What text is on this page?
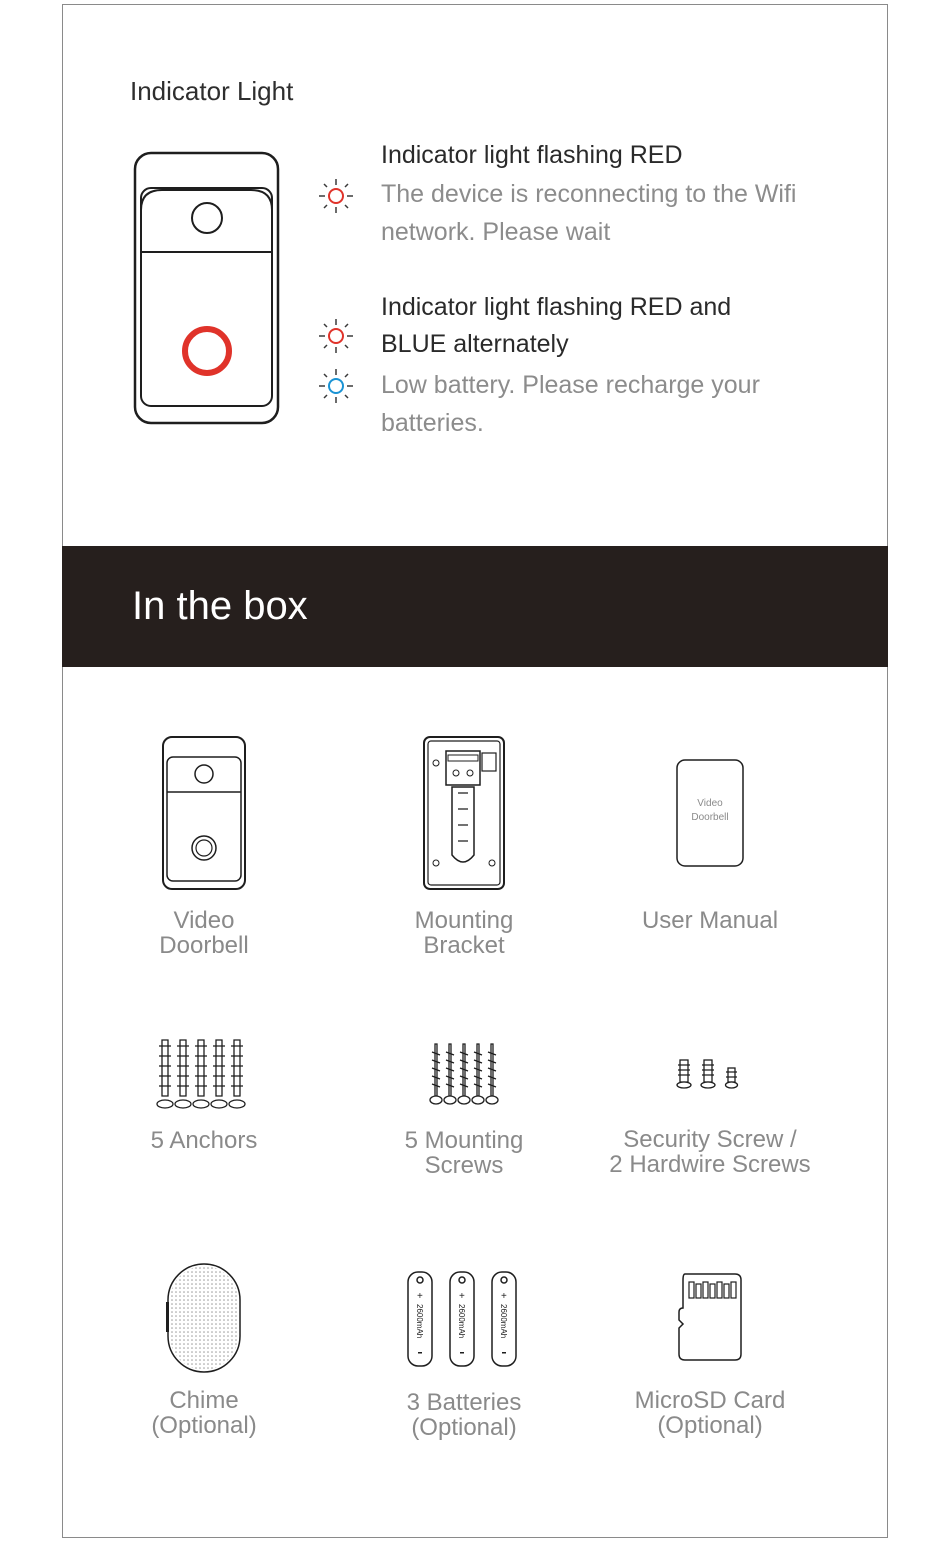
Indicator Light
Indicator light flashing RED
The device is reconnecting to the Wifi network. Please wait
Indicator light flashing RED and BLUE alternately
Low battery. Please recharge your batteries.
In the box
Video
Doorbell
Mounting
Bracket
Video
Doorbell
User Manual
5 Anchors	5 Mounting
Screws
Security Screw /
2 Hardwire Screws
Chime
(Optional)
2600mAh	2600mAh	2600mAh
+	+	+
3 Batteries
(Optional)
MicroSD Card
(Optional)
